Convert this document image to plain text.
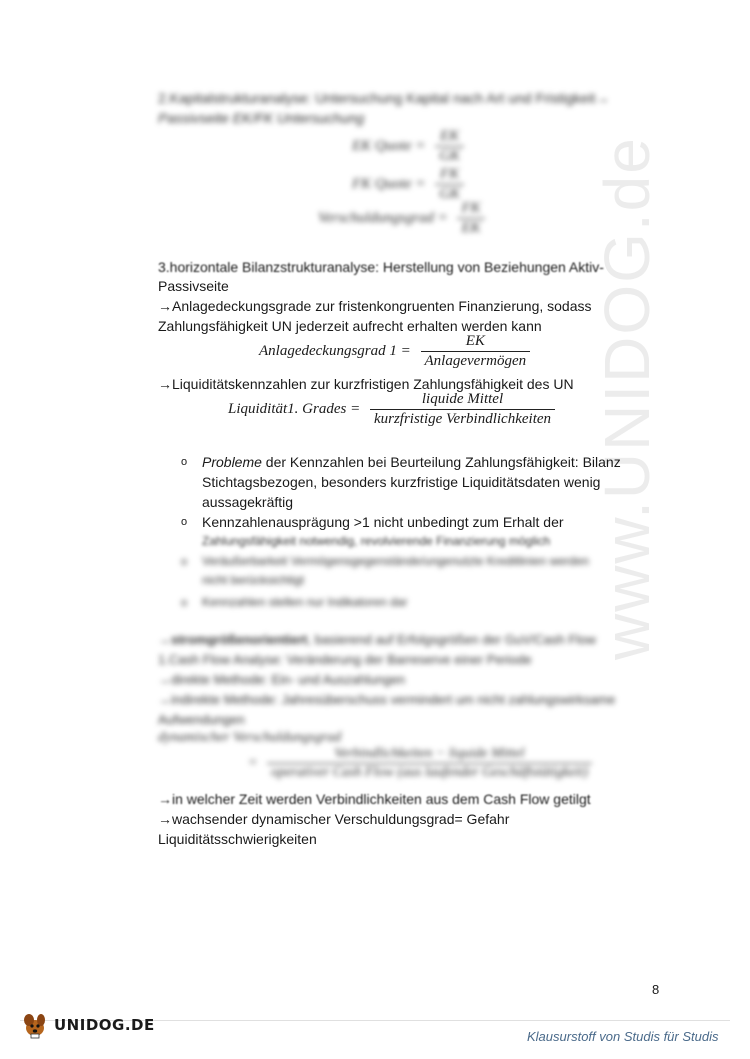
www.UNIDOG.de
2.Kapitalstrukturanalyse: Untersuchung Kapital nach Art und Fristigkeit→
Passivseite EK/FK Untersuchung
EK Quote = $\frac{EK}{GK}$
FK Quote = $\frac{FK}{GK}$
Verschuldungsgrad = $\frac{FK}{EK}$
3.horizontale Bilanzstrukturanalyse: Herstellung von Beziehungen Aktiv-
Passivseite
→Anlagedeckungsgrade zur fristenkongruenten Finanzierung, sodass
Zahlungsfähigkeit UN jederzeit aufrecht erhalten werden kann
Anlagedeckungsgrad $1 = \frac{EK}{\text{Anlagevermögen}}$
→Liquiditätskennzahlen zur kurzfristigen Zahlungsfähigkeit des UN
Liquidität1. Grades = $\frac{\text{liquide Mittel}}{\text{kurzfristige Verbindlichkeiten}}$
o Probleme der Kennzahlen bei Beurteilung Zahlungsfähigkeit: Bilanz
Stichtagsbezogen, besonders kurzfristige Liquiditätsdaten wenig
aussagekräftig
o Kennzahlenausprägung >1 nicht unbedingt zum Erhalt der
Zahlungsfähigkeit notwendig, revolvierende Finanzierung möglich
o Veräußerbarkeit Vermögensgegenstände/ungenutzte Kreditlinien werden
nicht berücksichtigt
o Kennzahlen stellen nur Indikatoren dar
→stromgrößenorientiert, basierend auf Erfolgsgrößen der GuV/Cash Flow
1.Cash Flow Analyse: Veränderung der Barreserve einer Periode
→direkte Methode: Ein- und Auszahlungen
→indirekte Methode: Jahresüberschuss vermindert um nicht zahlungswirksame
Aufwendungen
dynamischer Verschuldungsgrad
= $\frac{\text{Verbindlichkeiten − liquide Mittel}}{\text{operativer Cash Flow (aus laufender Geschäftstätigkeit)}}$
→in welcher Zeit werden Verbindlichkeiten aus dem Cash Flow getilgt
→wachsender dynamischer Verschuldungsgrad= Gefahr
Liquiditätsschwierigkeiten
8
UNIDOG.DE
Klausurstoff von Studis für Studis
